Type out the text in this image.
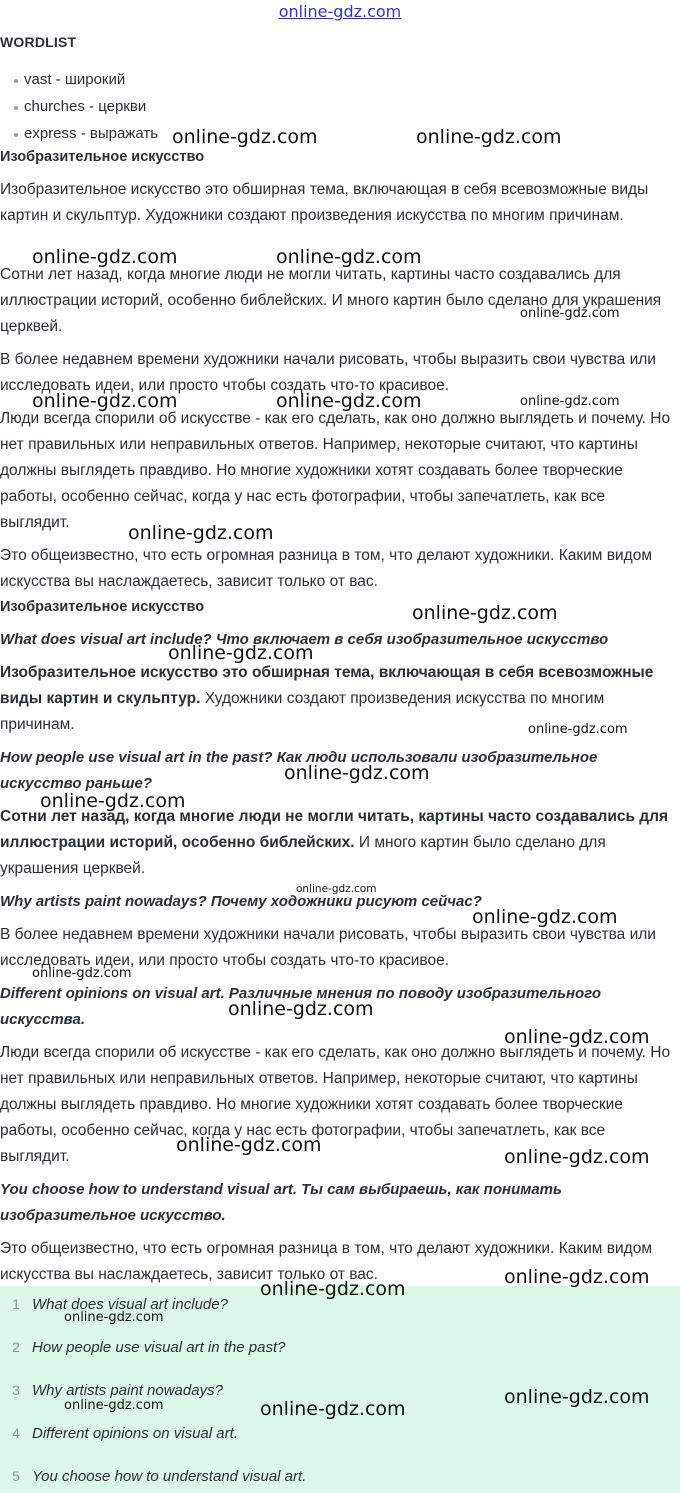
online-gdz.com
WORDLIST
vast - широкий
churches - церкви
express - выражать
Изобразительное искусство

Изобразительное искусство это обширная тема, включающая в себя всевозможные виды картин и скульптур. Художники создают произведения искусства по многим причинам.

Сотни лет назад, когда многие люди не могли читать, картины часто создавались для иллюстрации историй, особенно библейских. И много картин было сделано для украшения церквей.

В более недавнем времени художники начали рисовать, чтобы выразить свои чувства или исследовать идеи, или просто чтобы создать что-то красивое.

Люди всегда спорили об искусстве - как его сделать, как оно должно выглядеть и почему. Но нет правильных или неправильных ответов. Например, некоторые считают, что картины должны выглядеть правдиво. Но многие художники хотят создавать более творческие работы, особенно сейчас, когда у нас есть фотографии, чтобы запечатлеть, как все выглядит.

Это общеизвестно, что есть огромная разница в том, что делают художники. Каким видом искусства вы наслаждаетесь, зависит только от вас.

Изобразительное искусство

What does visual art include? Что включает в себя изобразительное искусство

Изобразительное искусство это обширная тема, включающая в себя всевозможные виды картин и скульптур. Художники создают произведения искусства по многим причинам.

How people use visual art in the past? Как люди использовали изобразительное искусство раньше?

Сотни лет назад, когда многие люди не могли читать, картины часто создавались для иллюстрации историй, особенно библейских. И много картин было сделано для украшения церквей.

Why artists paint nowadays? Почему ходожники рисуют сейчас?

В более недавнем времени художники начали рисовать, чтобы выразить свои чувства или исследовать идеи, или просто чтобы создать что-то красивое.

Different opinions on visual art. Различные мнения по поводу изобразительного искусства.

Люди всегда спорили об искусстве - как его сделать, как оно должно выглядеть и почему. Но нет правильных или неправильных ответов. Например, некоторые считают, что картины должны выглядеть правдиво. Но многие художники хотят создавать более творческие работы, особенно сейчас, когда у нас есть фотографии, чтобы запечатлеть, как все выглядит.

You choose how to understand visual art. Ты сам выбираешь, как понимать изобразительное искусство.

Это общеизвестно, что есть огромная разница в том, что делают художники. Каким видом искусства вы наслаждаетесь, зависит только от вас.

1 What does visual art include?
2 How people use visual art in the past?
3 Why artists paint nowadays?
4 Different opinions on visual art.
5 You choose how to understand visual art.
online-gdz.com	online-gdz.com
online-gdz.com	online-gdz.com
online-gdz.com
online-gdz.com	online-gdz.com	online-gdz.com
online-gdz.com
online-gdz.com
online-gdz.com
online-gdz.com
online-gdz.com
online-gdz.com
online-gdz.com
online-gdz.com
online-gdz.com
online-gdz.com
online-gdz.com
online-gdz.com
online-gdz.com
online-gdz.com
online-gdz.com
online-gdz.com
online-gdz.com
online-gdz.com	online-gdz.com
